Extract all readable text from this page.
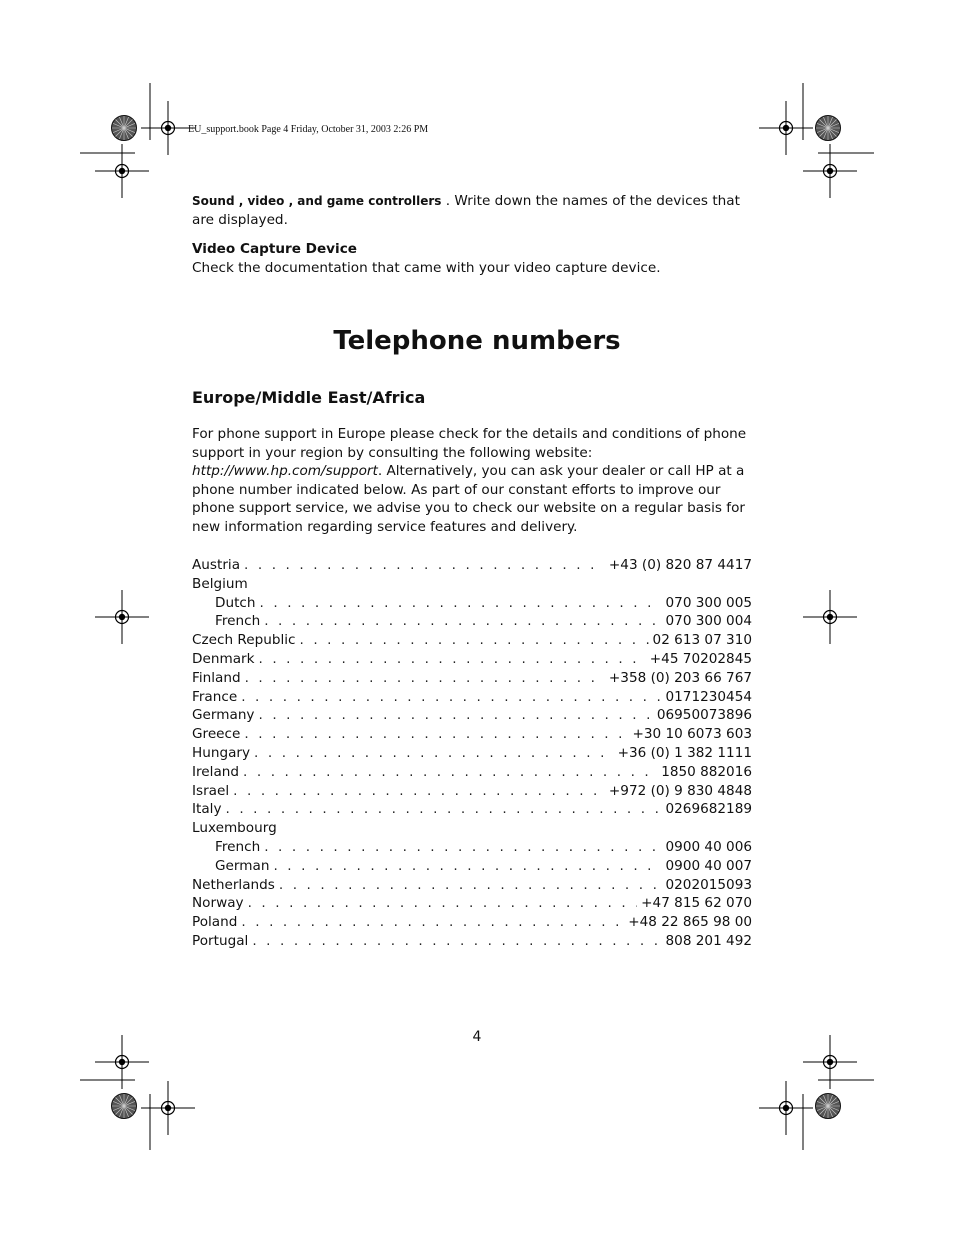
EU_support.book Page 4 Friday, October 31, 2003 2:26 PM
Sound , video , and game controllers . Write down the names of the devices that are displayed.
Video Capture Device
Check the documentation that came with your video capture device.
Telephone numbers
Europe/Middle East/Africa
For phone support in Europe please check for the details and conditions of phone support in your region by consulting the following website: http://www.hp.com/support. Alternatively, you can ask your dealer or call HP at a phone number indicated below. As part of our constant efforts to improve our phone support service, we advise you to check our website on a regular basis for new information regarding service features and delivery.
Austria . . .	+43 (0) 820 87 4417
Belgium
Dutch . . .	070 300 005
French . . .	070 300 004
Czech Republic . . .	02 613 07 310
Denmark . . .	+45 70202845
Finland . . .	+358 (0) 203 66 767
France . . .	0171230454
Germany . . .	06950073896
Greece . . .	+30 10 6073 603
Hungary . . .	+36 (0) 1 382 1111
Ireland . . .	1850 882016
Israel . . .	+972 (0) 9 830 4848
Italy . . .	0269682189
Luxembourg
French . . .	0900 40 006
German . . .	0900 40 007
Netherlands . . .	0202015093
Norway . . .	+47 815 62 070
Poland . . .	+48 22 865 98 00
Portugal . . .	808 201 492
4
